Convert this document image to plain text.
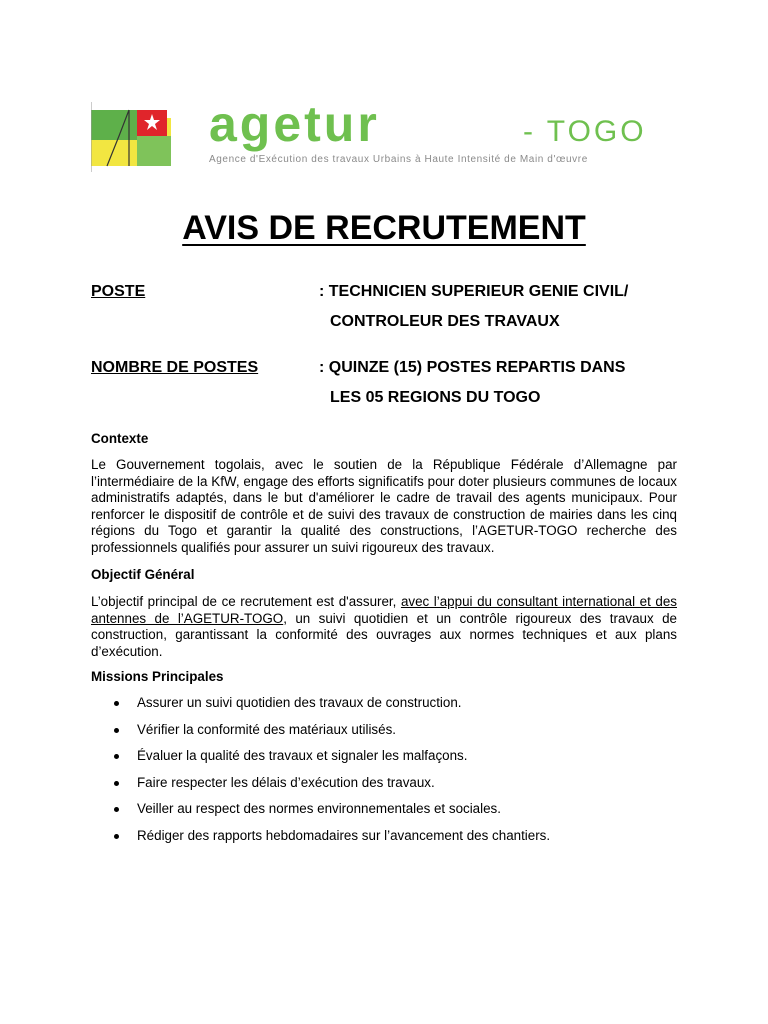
agetur	- TOGO
Agence d'Exécution des travaux Urbains à Haute Intensité de Main d'œuvre
AVIS DE RECRUTEMENT
POSTE	: TECHNICIEN SUPERIEUR GENIE CIVIL/
CONTROLEUR DES TRAVAUX
NOMBRE DE POSTES	: QUINZE (15) POSTES REPARTIS DANS
LES 05 REGIONS DU TOGO
Contexte
Le Gouvernement togolais, avec le soutien de la République Fédérale d’Allemagne par l’intermédiaire de la KfW, engage des efforts significatifs pour doter plusieurs communes de locaux administratifs adaptés, dans le but d'améliorer le cadre de travail des agents municipaux. Pour renforcer le dispositif de contrôle et de suivi des travaux de construction de mairies dans les cinq régions du Togo et garantir la qualité des constructions, l’AGETUR-TOGO recherche des professionnels qualifiés pour assurer un suivi rigoureux des travaux.
Objectif Général
L’objectif principal de ce recrutement est d'assurer, avec l’appui du consultant international et des antennes de l’AGETUR-TOGO, un suivi quotidien et un contrôle rigoureux des travaux de construction, garantissant la conformité des ouvrages aux normes techniques et aux plans d’exécution.
Missions Principales
Assurer un suivi quotidien des travaux de construction.
Vérifier la conformité des matériaux utilisés.
Évaluer la qualité des travaux et signaler les malfaçons.
Faire respecter les délais d’exécution des travaux.
Veiller au respect des normes environnementales et sociales.
Rédiger des rapports hebdomadaires sur l’avancement des chantiers.
